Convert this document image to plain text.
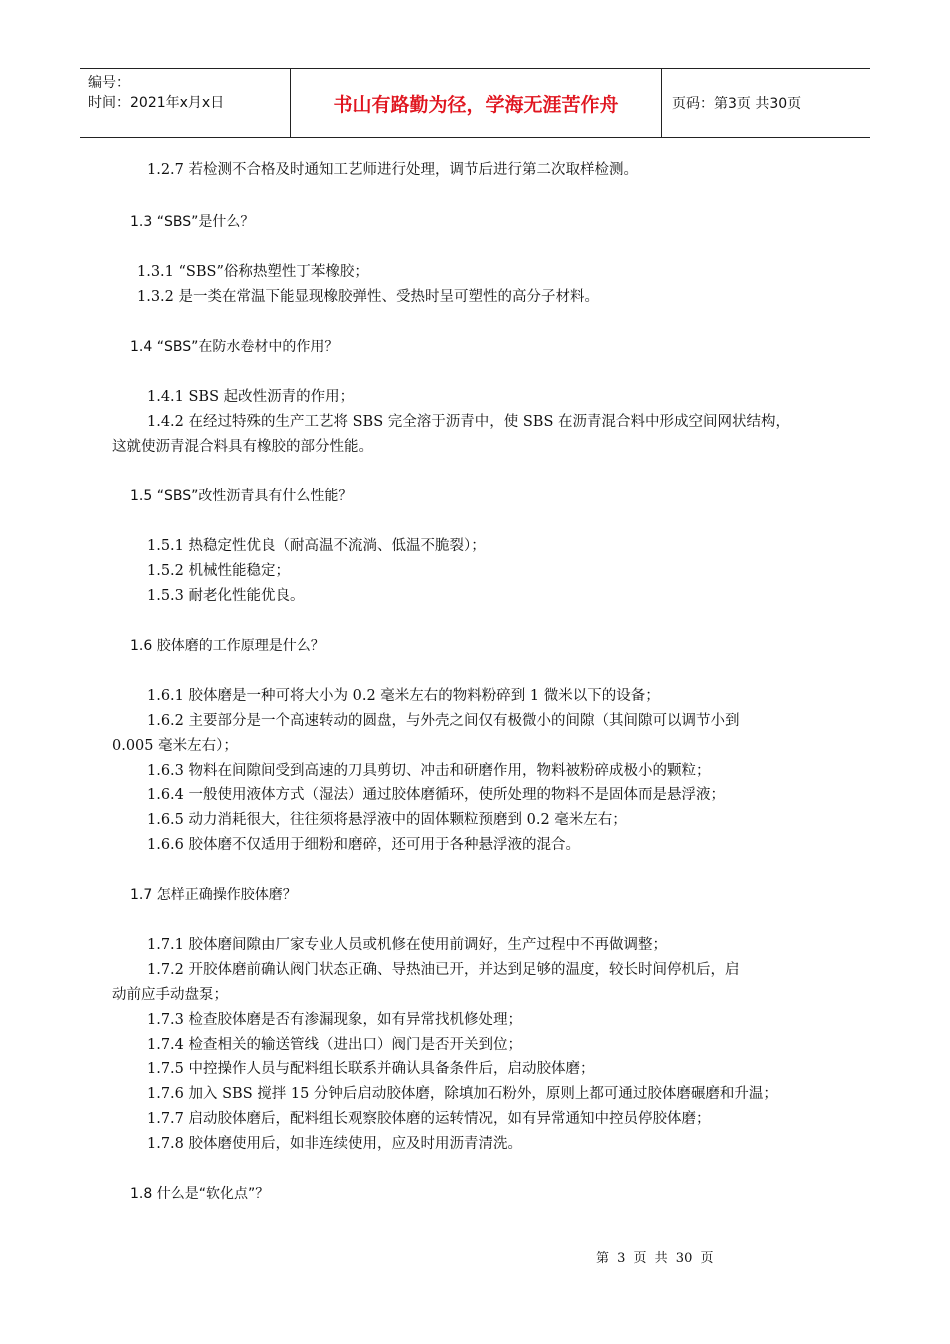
编号：
时间：2021年x月x日	书山有路勤为径，学海无涯苦作舟	页码：第3页 共30页
1.2.7 若检测不合格及时通知工艺师进行处理，调节后进行第二次取样检测。
1.3 “SBS”是什么？
1.3.1 “SBS”俗称热塑性丁苯橡胶；
1.3.2 是一类在常温下能显现橡胶弹性、受热时呈可塑性的高分子材料。
1.4 “SBS”在防水卷材中的作用？
1.4.1 SBS 起改性沥青的作用；
1.4.2 在经过特殊的生产工艺将 SBS 完全溶于沥青中，使 SBS 在沥青混合料中形成空间网状结构，
这就使沥青混合料具有橡胶的部分性能。
1.5 “SBS”改性沥青具有什么性能？
1.5.1 热稳定性优良（耐高温不流淌、低温不脆裂）；
1.5.2 机械性能稳定；
1.5.3 耐老化性能优良。
1.6 胶体磨的工作原理是什么？
1.6.1 胶体磨是一种可将大小为 0.2 毫米左右的物料粉碎到 1 微米以下的设备；
1.6.2 主要部分是一个高速转动的圆盘，与外壳之间仅有极微小的间隙（其间隙可以调节小到
0.005 毫米左右）；
1.6.3 物料在间隙间受到高速的刀具剪切、冲击和研磨作用，物料被粉碎成极小的颗粒；
1.6.4 一般使用液体方式（湿法）通过胶体磨循环，使所处理的物料不是固体而是悬浮液；
1.6.5 动力消耗很大，往往须将悬浮液中的固体颗粒预磨到 0.2 毫米左右；
1.6.6 胶体磨不仅适用于细粉和磨碎，还可用于各种悬浮液的混合。
1.7 怎样正确操作胶体磨？
1.7.1 胶体磨间隙由厂家专业人员或机修在使用前调好，生产过程中不再做调整；
1.7.2 开胶体磨前确认阀门状态正确、导热油已开，并达到足够的温度，较长时间停机后，启
动前应手动盘泵；
1.7.3 检查胶体磨是否有渗漏现象，如有异常找机修处理；
1.7.4 检查相关的输送管线（进出口）阀门是否开关到位；
1.7.5 中控操作人员与配料组长联系并确认具备条件后，启动胶体磨；
1.7.6 加入 SBS 搅拌 15 分钟后启动胶体磨，除填加石粉外，原则上都可通过胶体磨碾磨和升温；
1.7.7 启动胶体磨后，配料组长观察胶体磨的运转情况，如有异常通知中控员停胶体磨；
1.7.8 胶体磨使用后，如非连续使用，应及时用沥青清洗。
1.8 什么是“软化点”？
第 3 页 共 30 页
